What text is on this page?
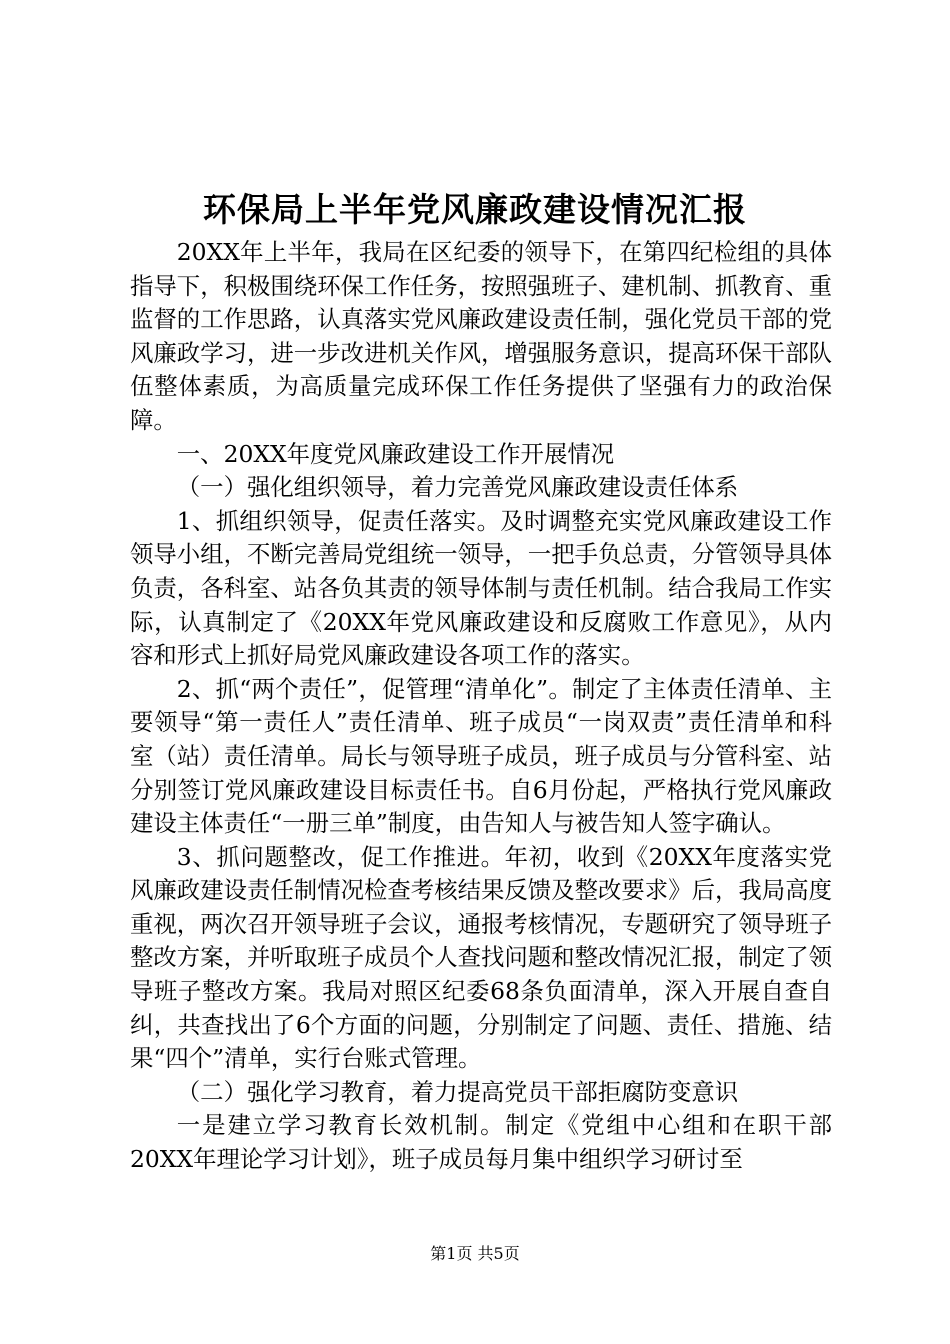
环保局上半年党风廉政建设情况汇报

20XX年上半年，我局在区纪委的领导下，在第四纪检组的具体指导下，积极围绕环保工作任务，按照强班子、建机制、抓教育、重监督的工作思路，认真落实党风廉政建设责任制，强化党员干部的党风廉政学习，进一步改进机关作风，增强服务意识，提高环保干部队伍整体素质，为高质量完成环保工作任务提供了坚强有力的政治保障。

一、20XX年度党风廉政建设工作开展情况

（一）强化组织领导，着力完善党风廉政建设责任体系

1、抓组织领导，促责任落实。及时调整充实党风廉政建设工作领导小组，不断完善局党组统一领导，一把手负总责，分管领导具体负责，各科室、站各负其责的领导体制与责任机制。结合我局工作实际，认真制定了《20XX年党风廉政建设和反腐败工作意见》，从内容和形式上抓好局党风廉政建设各项工作的落实。

2、抓“两个责任”，促管理“清单化”。制定了主体责任清单、主要领导“第一责任人”责任清单、班子成员“一岗双责”责任清单和科室（站）责任清单。局长与领导班子成员，班子成员与分管科室、站分别签订党风廉政建设目标责任书。自6月份起，严格执行党风廉政建设主体责任“一册三单”制度，由告知人与被告知人签字确认。

3、抓问题整改，促工作推进。年初，收到《20XX年度落实党风廉政建设责任制情况检查考核结果反馈及整改要求》后，我局高度重视，两次召开领导班子会议，通报考核情况，专题研究了领导班子整改方案，并听取班子成员个人查找问题和整改情况汇报，制定了领导班子整改方案。我局对照区纪委68条负面清单，深入开展自查自纠，共查找出了6个方面的问题，分别制定了问题、责任、措施、结果“四个”清单，实行台账式管理。

（二）强化学习教育，着力提高党员干部拒腐防变意识

一是建立学习教育长效机制。制定《党组中心组和在职干部20XX年理论学习计划》，班子成员每月集中组织学习研讨至

第1页 共5页
